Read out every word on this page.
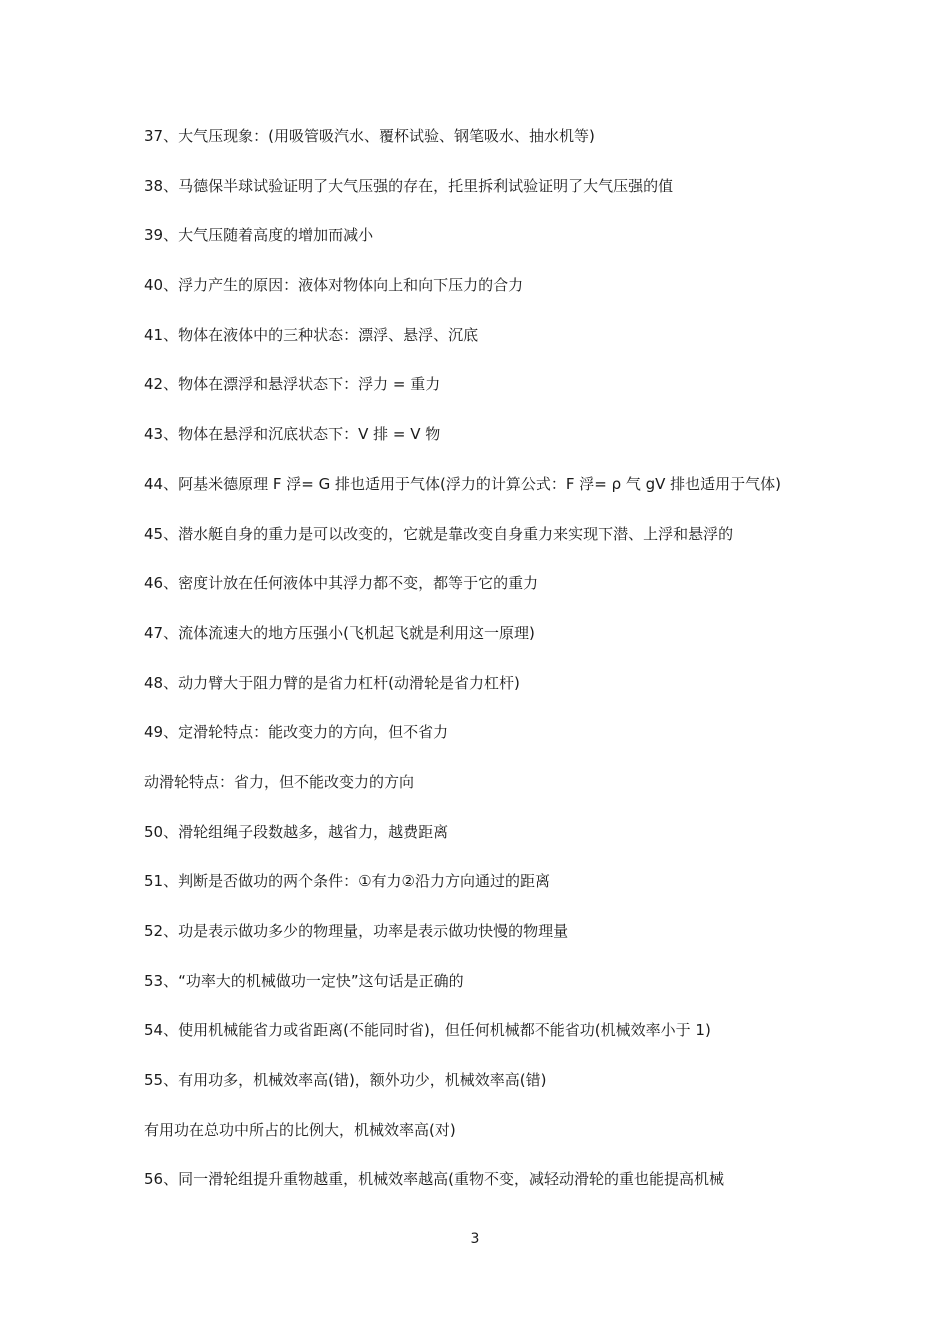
37、大气压现象：(用吸管吸汽水、覆杯试验、钢笔吸水、抽水机等)

38、马德保半球试验证明了大气压强的存在，托里拆利试验证明了大气压强的值

39、大气压随着高度的增加而减小

40、浮力产生的原因：液体对物体向上和向下压力的合力

41、物体在液体中的三种状态：漂浮、悬浮、沉底

42、物体在漂浮和悬浮状态下：浮力 = 重力

43、物体在悬浮和沉底状态下：V 排 = V 物

44、阿基米德原理 F 浮= G 排也适用于气体(浮力的计算公式：F 浮= ρ 气 gV 排也适用于气体)

45、潜水艇自身的重力是可以改变的，它就是靠改变自身重力来实现下潜、上浮和悬浮的

46、密度计放在任何液体中其浮力都不变，都等于它的重力

47、流体流速大的地方压强小(飞机起飞就是利用这一原理)

48、动力臂大于阻力臂的是省力杠杆(动滑轮是省力杠杆)

49、定滑轮特点：能改变力的方向，但不省力

动滑轮特点：省力，但不能改变力的方向

50、滑轮组绳子段数越多，越省力，越费距离

51、判断是否做功的两个条件：①有力②沿力方向通过的距离

52、功是表示做功多少的物理量，功率是表示做功快慢的物理量

53、“功率大的机械做功一定快”这句话是正确的

54、使用机械能省力或省距离(不能同时省)，但任何机械都不能省功(机械效率小于 1)

55、有用功多，机械效率高(错)，额外功少，机械效率高(错)

有用功在总功中所占的比例大，机械效率高(对)

56、同一滑轮组提升重物越重，机械效率越高(重物不变，减轻动滑轮的重也能提高机械

3
